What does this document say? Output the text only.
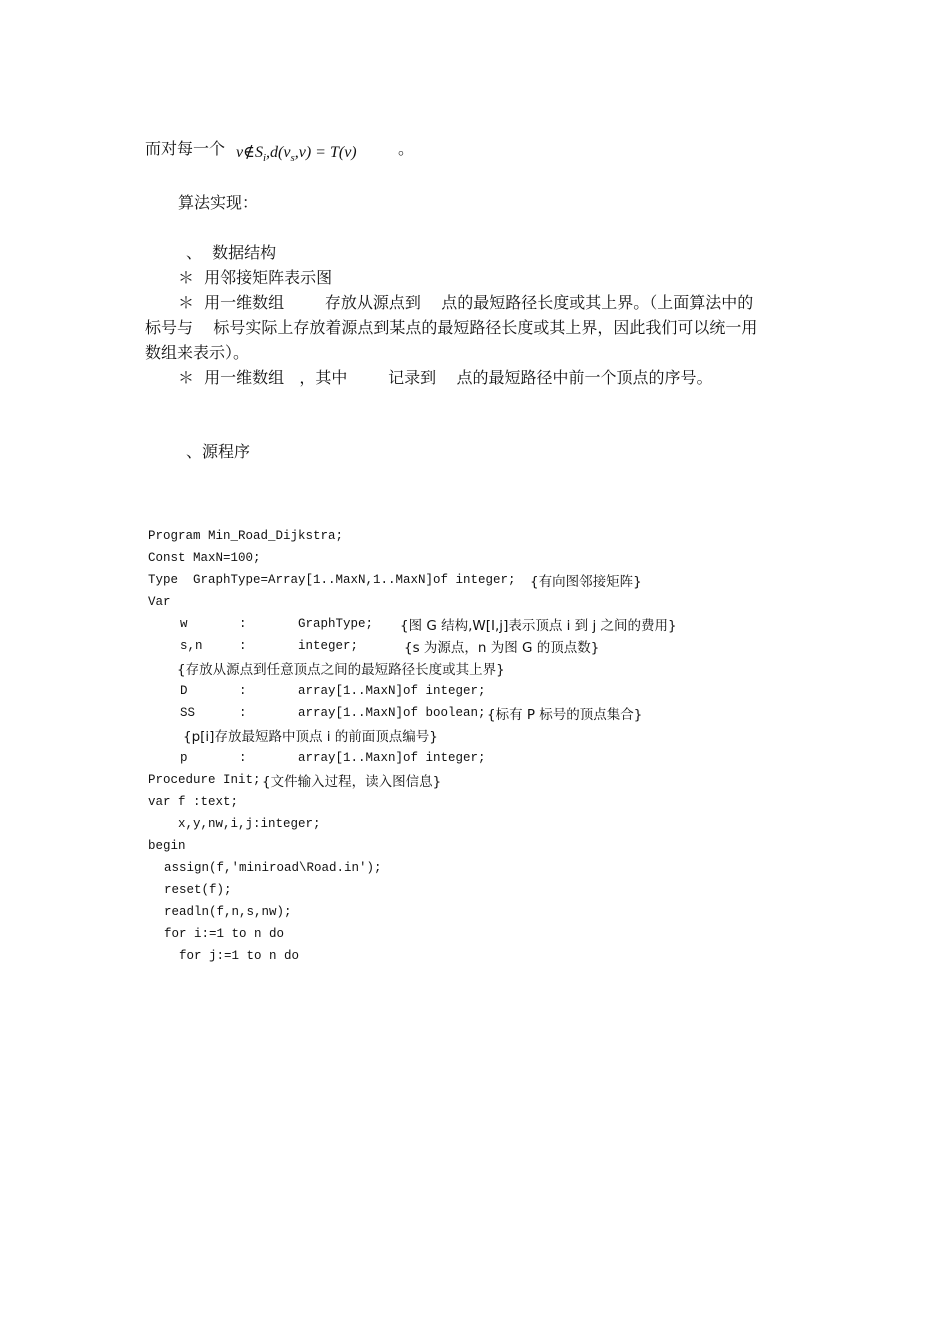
而对每一个 $v\notin S_i,d(v_s,v) = T(v)$	。
算法实现：
、  数据结构
＊  用邻接矩阵表示图
＊  用一维数组        存放从源点到    点的最短路径长度或其上界。（上面算法中的
标号与    标号实际上存放着源点到某点的最短路径长度或其上界，因此我们可以统一用
数组来表示）。
＊  用一维数组   ，其中        记录到    点的最短路径中前一个顶点的序号。
、源程序
Program Min_Road_Dijkstra;
Const MaxN=100;
Type  GraphType=Array[1..MaxN,1..MaxN]of integer; {有向图邻接矩阵}
Var
w	:	GraphType; {图 G 结构,W[I,j]表示顶点 i 到 j 之间的费用}
s,n	:	integer;	{s 为源点，n 为图 G 的顶点数}
{存放从源点到任意顶点之间的最短路径长度或其上界}
D	:	array[1..MaxN]of integer;
SS	:	array[1..MaxN]of boolean; {标有 P 标号的顶点集合}
{p[i]存放最短路中顶点 i 的前面顶点编号}
p	:	array[1..Maxn]of integer;
Procedure Init; {文件输入过程，读入图信息}
var f :text;
x,y,nw,i,j:integer;
begin
assign(f,'miniroad\Road.in');
reset(f);
readln(f,n,s,nw);
for i:=1 to n do
for j:=1 to n do
